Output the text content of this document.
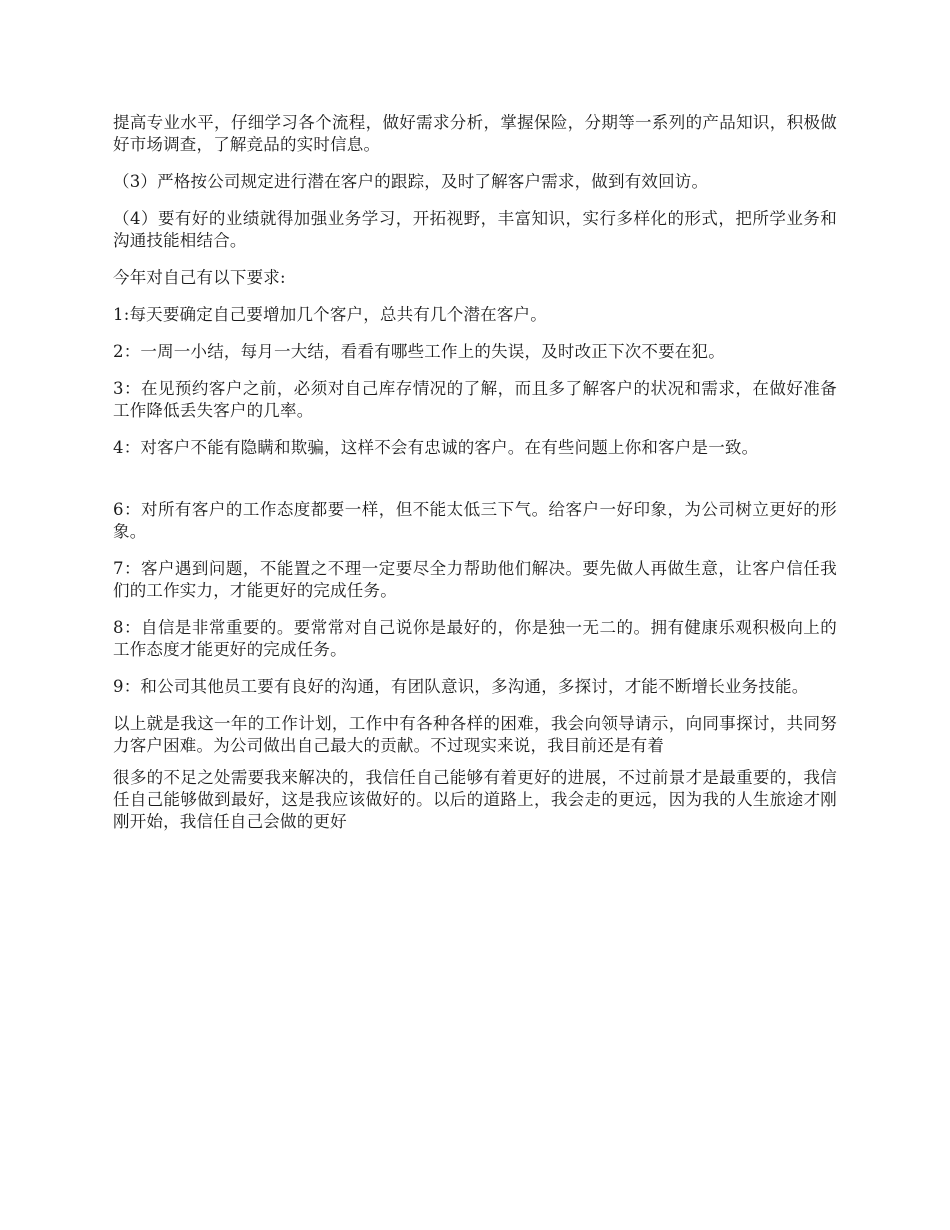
提高专业水平，仔细学习各个流程，做好需求分析，掌握保险，分期等一系列的产品知识，积极做好市场调查，了解竞品的实时信息。

（3）严格按公司规定进行潜在客户的跟踪，及时了解客户需求，做到有效回访。

（4）要有好的业绩就得加强业务学习，开拓视野，丰富知识，实行多样化的形式，把所学业务和沟通技能相结合。

今年对自己有以下要求:

1:每天要确定自己要增加几个客户，总共有几个潜在客户。

2：一周一小结，每月一大结，看看有哪些工作上的失误，及时改正下次不要在犯。

3：在见预约客户之前，必须对自己库存情况的了解，而且多了解客户的状况和需求，在做好准备工作降低丢失客户的几率。

4：对客户不能有隐瞒和欺骗，这样不会有忠诚的客户。在有些问题上你和客户是一致。

6：对所有客户的工作态度都要一样，但不能太低三下气。给客户一好印象，为公司树立更好的形象。

7：客户遇到问题，不能置之不理一定要尽全力帮助他们解决。要先做人再做生意，让客户信任我们的工作实力，才能更好的完成任务。

8：自信是非常重要的。要常常对自己说你是最好的，你是独一无二的。拥有健康乐观积极向上的工作态度才能更好的完成任务。

9：和公司其他员工要有良好的沟通，有团队意识，多沟通，多探讨，才能不断增长业务技能。

以上就是我这一年的工作计划，工作中有各种各样的困难，我会向领导请示，向同事探讨，共同努力客户困难。为公司做出自己最大的贡献。不过现实来说，我目前还是有着

很多的不足之处需要我来解决的，我信任自己能够有着更好的进展，不过前景才是最重要的，我信任自己能够做到最好，这是我应该做好的。以后的道路上，我会走的更远，因为我的人生旅途才刚刚开始，我信任自己会做的更好
